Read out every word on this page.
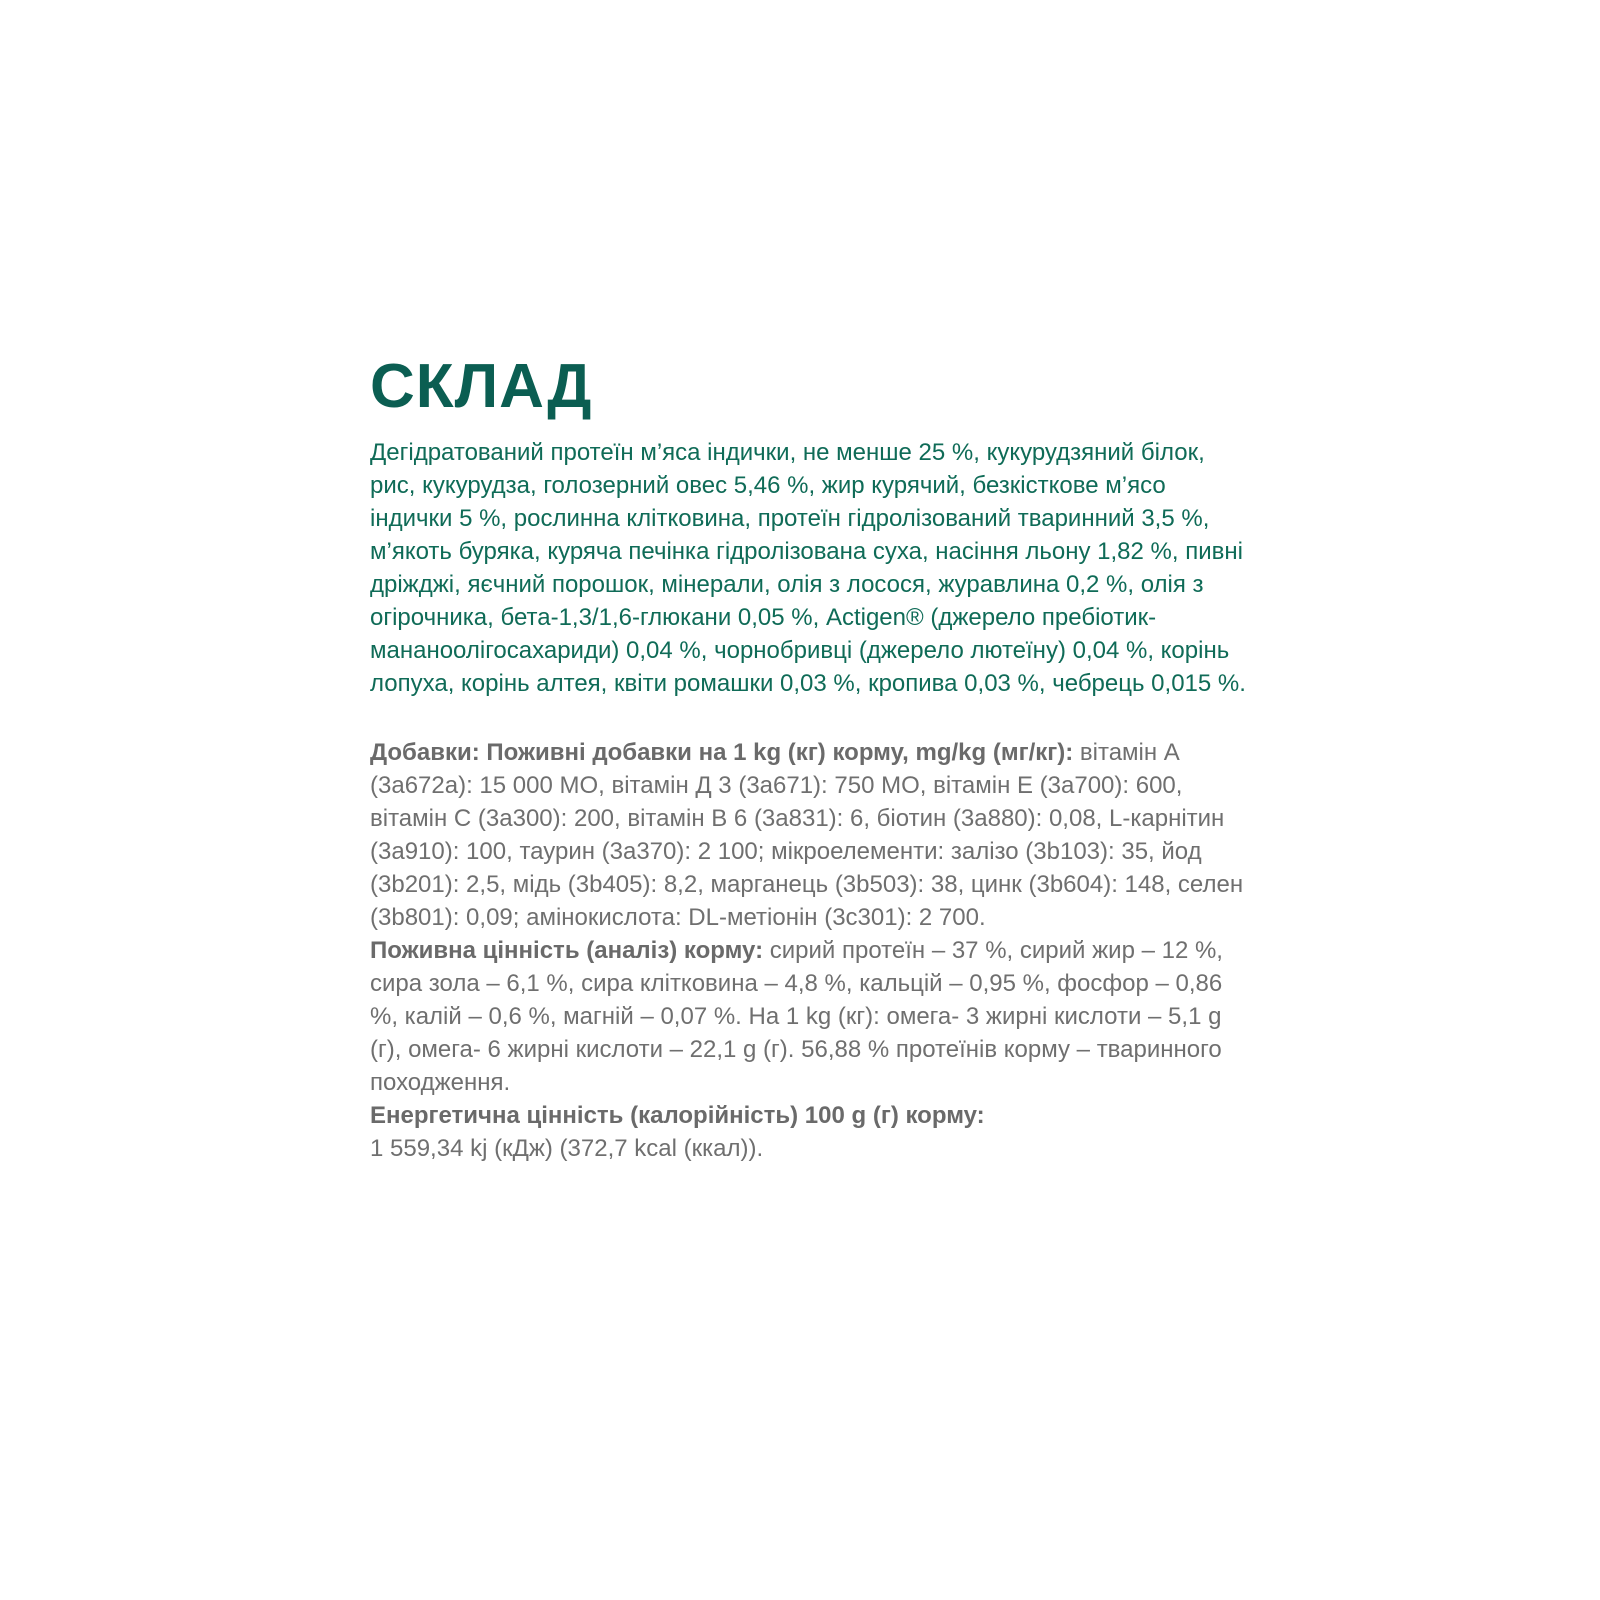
СКЛАД

Дегідратований протеїн м’яса індички, не менше 25 %, кукурудзяний білок, рис, кукурудза, голозерний овес 5,46 %, жир курячий, безкісткове м’ясо індички 5 %, рослинна клітковина, протеїн гідролізований тваринний 3,5 %, м’якоть буряка, куряча печінка гідролізована суха, насіння льону 1,82 %, пивні дріжджі, яєчний порошок, мінерали, олія з лосося, журавлина 0,2 %, олія з огірочника, бета-1,3/1,6-глюкани 0,05 %, Actigen® (джерело пребіотик-мананоолігосахариди) 0,04 %, чорнобривці (джерело лютеїну) 0,04 %, корінь лопуха, корінь алтея, квіти ромашки 0,03 %, кропива 0,03 %, чебрець 0,015 %.

Добавки: Поживні добавки на 1 kg (кг) корму, mg/kg (мг/кг): вітамін А (3a672a): 15 000 МО, вітамін Д 3 (3a671): 750 МО, вітамін Е (3a700): 600, вітамін С (3a300): 200, вітамін В 6 (3a831): 6, біотин (3a880): 0,08, L-карнітин (3a910): 100, таурин (3a370): 2 100; мікроелементи: залізо (3b103): 35, йод (3b201): 2,5, мідь (3b405): 8,2, марганець (3b503): 38, цинк (3b604): 148, селен (3b801): 0,09; амінокислота: DL-метіонін (3c301): 2 700.

Поживна цінність (аналіз) корму: сирий протеїн – 37 %, сирий жир – 12 %, сира зола – 6,1 %, сира клітковина – 4,8 %, кальцій – 0,95 %, фосфор – 0,86 %, калій – 0,6 %, магній – 0,07 %. На 1 kg (кг): омега- 3 жирні кислоти – 5,1 g (г), омега- 6 жирні кислоти – 22,1 g (г). 56,88 % протеїнів корму – тваринного походження.

Енергетична цінність (калорійність) 100 g (г) корму:
1 559,34 kj (кДж) (372,7 kcal (ккал)).
